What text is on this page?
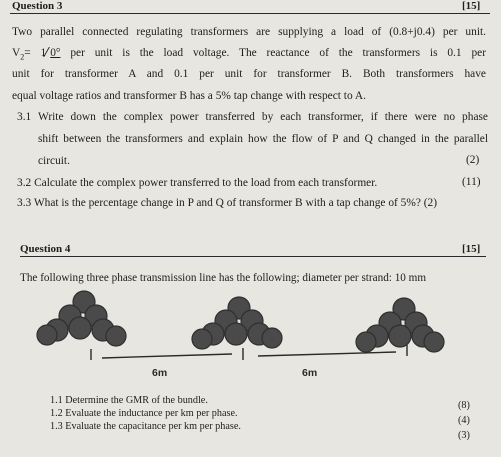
Question 3	[15]
Two parallel connected regulating transformers are supplying a load of (0.8+j0.4) per unit.
$V_2= 1$ 0° per unit is the load voltage. The reactance of the transformers is 0.1 per
unit for transformer A and 0.1 per unit for transformer B. Both transformers have
equal voltage ratios and transformer B has a 5% tap change with respect to A.
3.1 Write down the complex power transferred by each transformer, if there were no phase
shift between the transformers and explain how the flow of P and Q changed in the parallel
circuit.	(2)
3.2 Calculate the complex power transferred to the load from each transformer.	(11)
3.3 What is the percentage change in P and Q of transformer B with a tap change of 5%? (2)
Question 4	[15]
The following three phase transmission line has the following; diameter per strand: 10 mm
6m	6m
1.1 Determine the GMR of the bundle.
1.2 Evaluate the inductance per km per phase.
1.3 Evaluate the capacitance per km per phase.
(8)
(4)
(3)
